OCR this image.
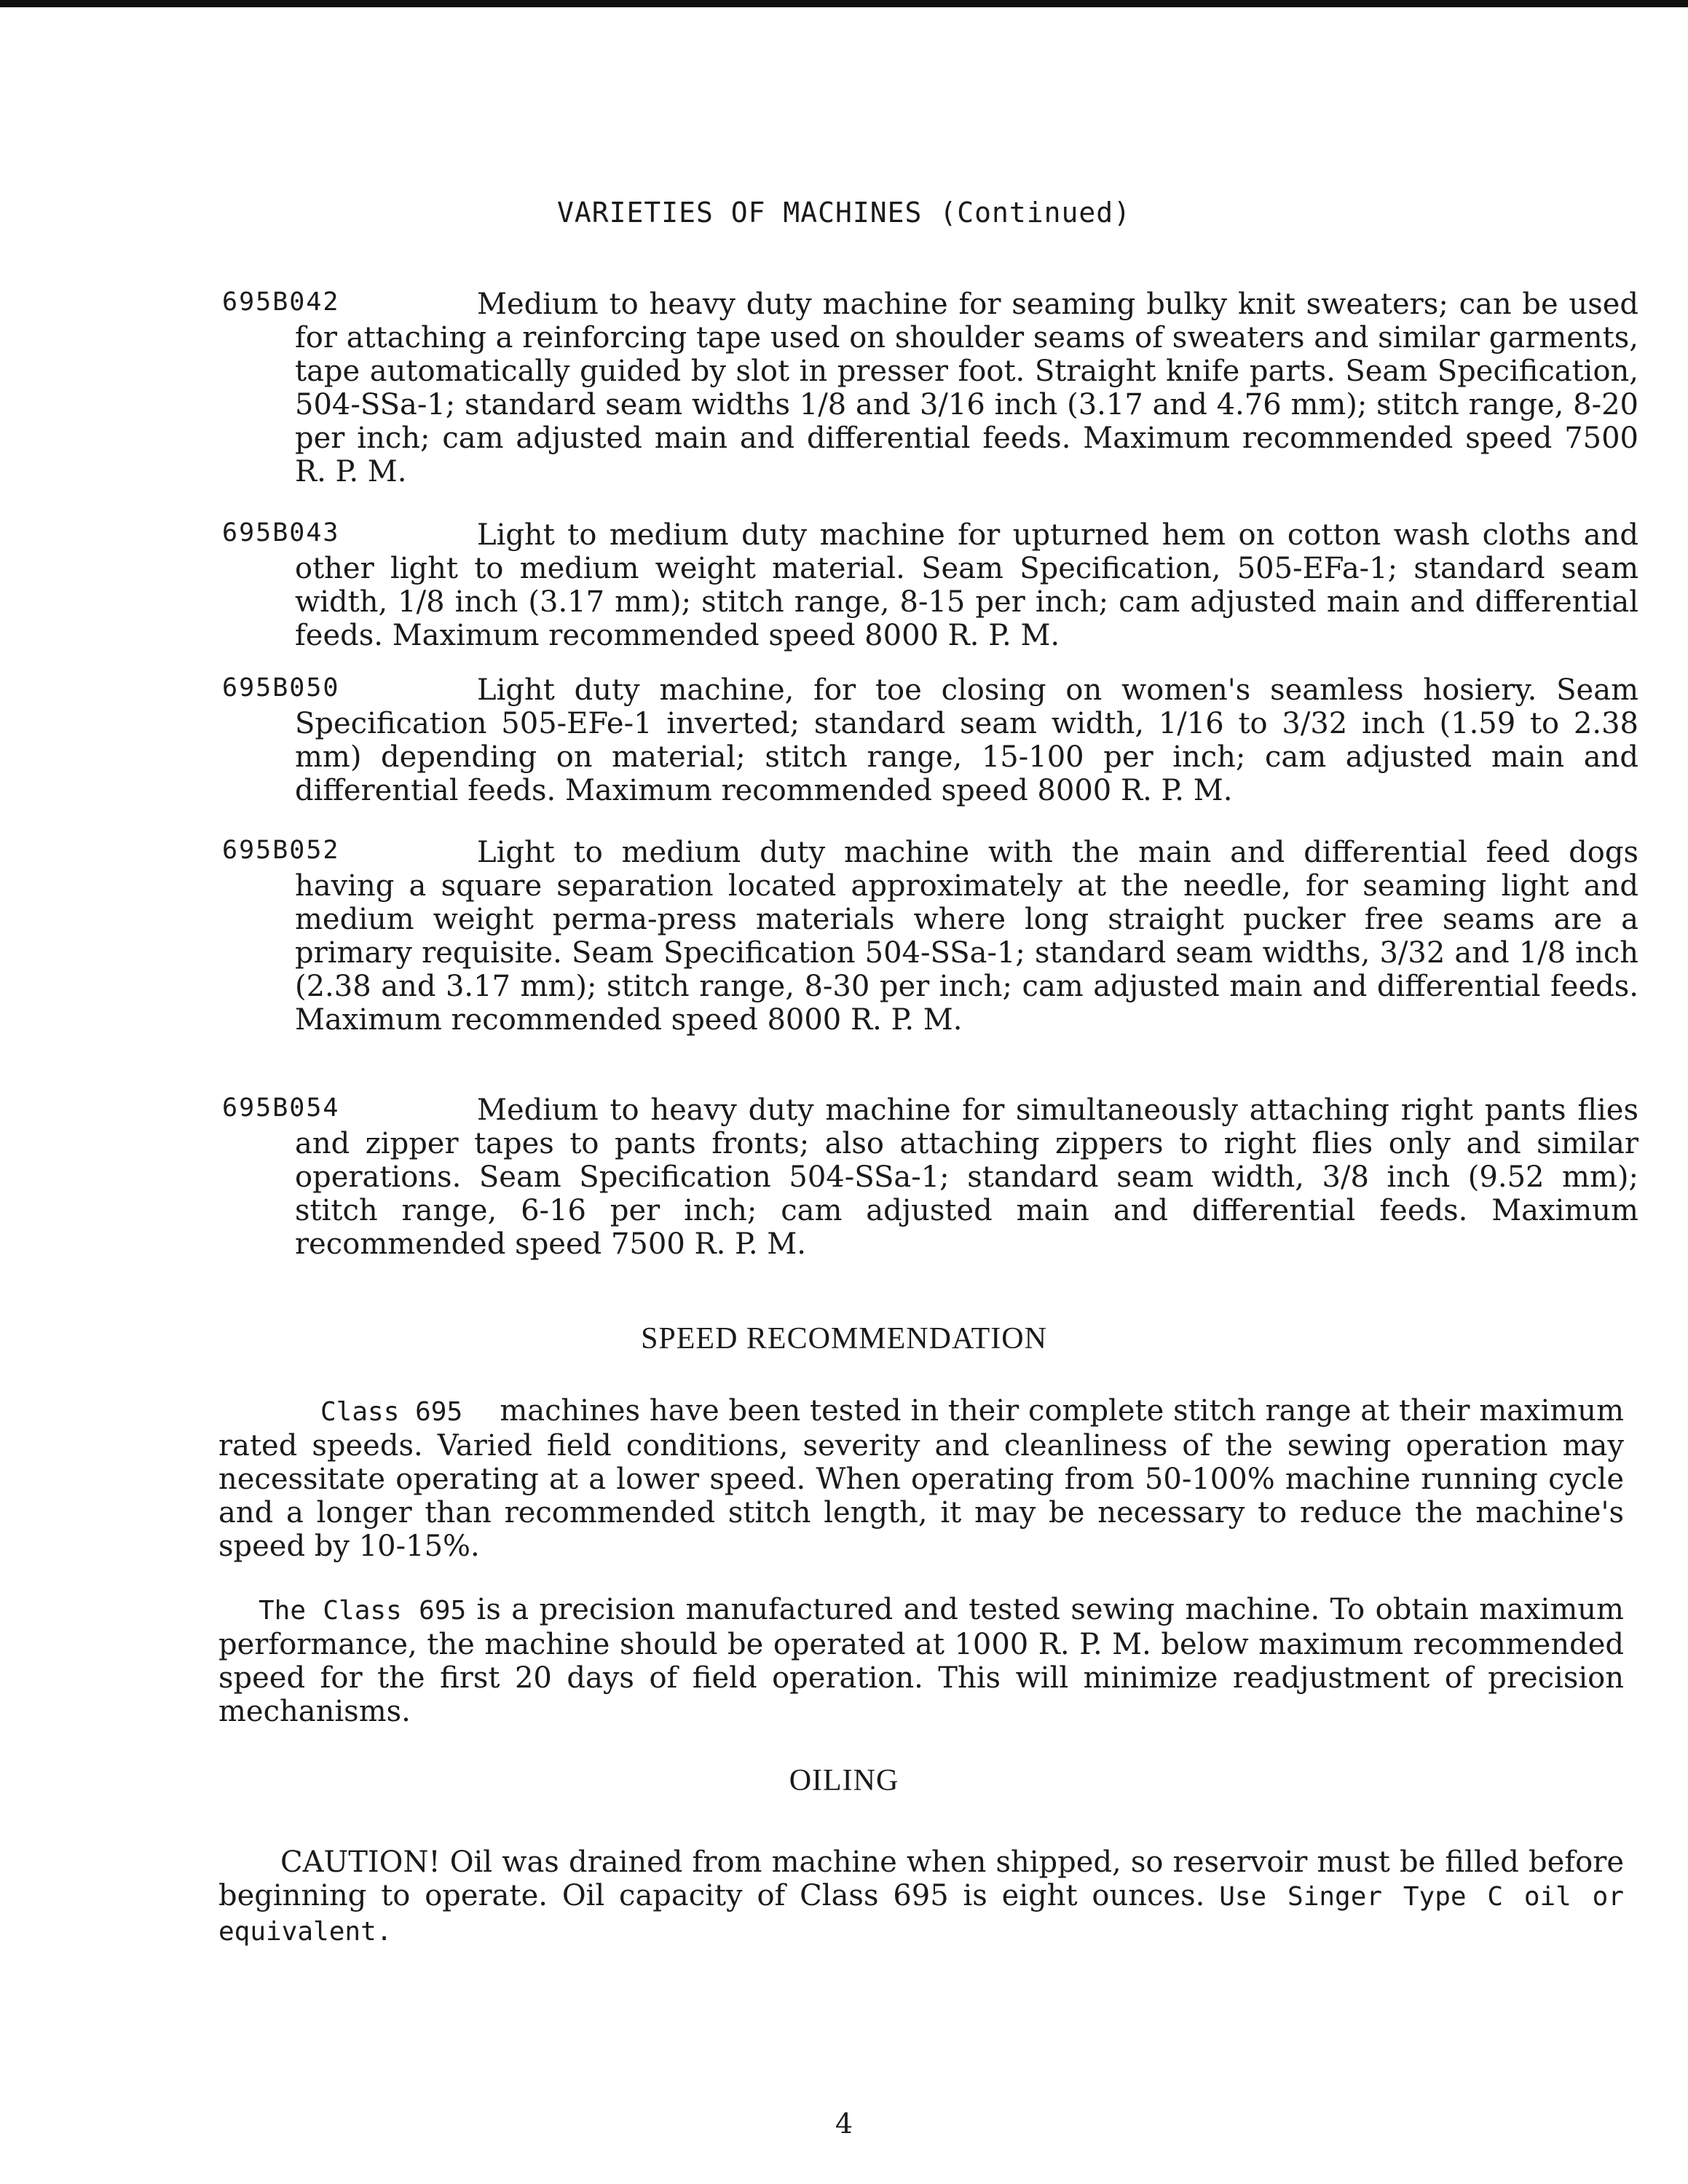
VARIETIES OF MACHINES (Continued)
695B042	Medium to heavy duty machine for seaming bulky knit sweaters; can be used for attaching a reinforcing tape used on shoulder seams of sweaters and similar garments, tape automatically guided by slot in presser foot. Straight knife parts. Seam Specification, 504-SSa-1; standard seam widths 1/8 and 3/16 inch (3.17 and 4.76 mm); stitch range, 8-20 per inch; cam adjusted main and differential feeds. Maximum recommended speed 7500 R. P. M.
695B043	Light to medium duty machine for upturned hem on cotton wash cloths and other light to medium weight material. Seam Specification, 505-EFa-1; standard seam width, 1/8 inch (3.17 mm); stitch range, 8-15 per inch; cam adjusted main and differential feeds. Maximum recommended speed 8000 R. P. M.
695B050	Light duty machine, for toe closing on women's seamless hosiery. Seam Specification 505-EFe-1 inverted; standard seam width, 1/16 to 3/32 inch (1.59 to 2.38 mm) depending on material; stitch range, 15-100 per inch; cam adjusted main and differential feeds. Maximum recommended speed 8000 R. P. M.
695B052	Light to medium duty machine with the main and differential feed dogs having a square separation located approximately at the needle, for seaming light and medium weight perma-press materials where long straight pucker free seams are a primary requisite. Seam Specification 504-SSa-1; standard seam widths, 3/32 and 1/8 inch (2.38 and 3.17 mm); stitch range, 8-30 per inch; cam adjusted main and differential feeds. Maximum recommended speed 8000 R. P. M.
695B054	Medium to heavy duty machine for simultaneously attaching right pants flies and zipper tapes to pants fronts; also attaching zippers to right flies only and similar operations. Seam Specification 504-SSa-1; standard seam width, 3/8 inch (9.52 mm); stitch range, 6-16 per inch; cam adjusted main and differential feeds. Maximum recommended speed 7500 R. P. M.
SPEED RECOMMENDATION
Class 695 machines have been tested in their complete stitch range at their maximum rated speeds. Varied field conditions, severity and cleanliness of the sewing operation may necessitate operating at a lower speed. When operating from 50-100% machine running cycle and a longer than recommended stitch length, it may be necessary to reduce the machine's speed by 10-15%.
The Class 695 is a precision manufactured and tested sewing machine. To obtain maximum performance, the machine should be operated at 1000 R. P. M. below maximum recommended speed for the first 20 days of field operation. This will minimize readjustment of precision mechanisms.
OILING
CAUTION! Oil was drained from machine when shipped, so reservoir must be filled before beginning to operate. Oil capacity of Class 695 is eight ounces. Use Singer Type C oil or equivalent.
4
